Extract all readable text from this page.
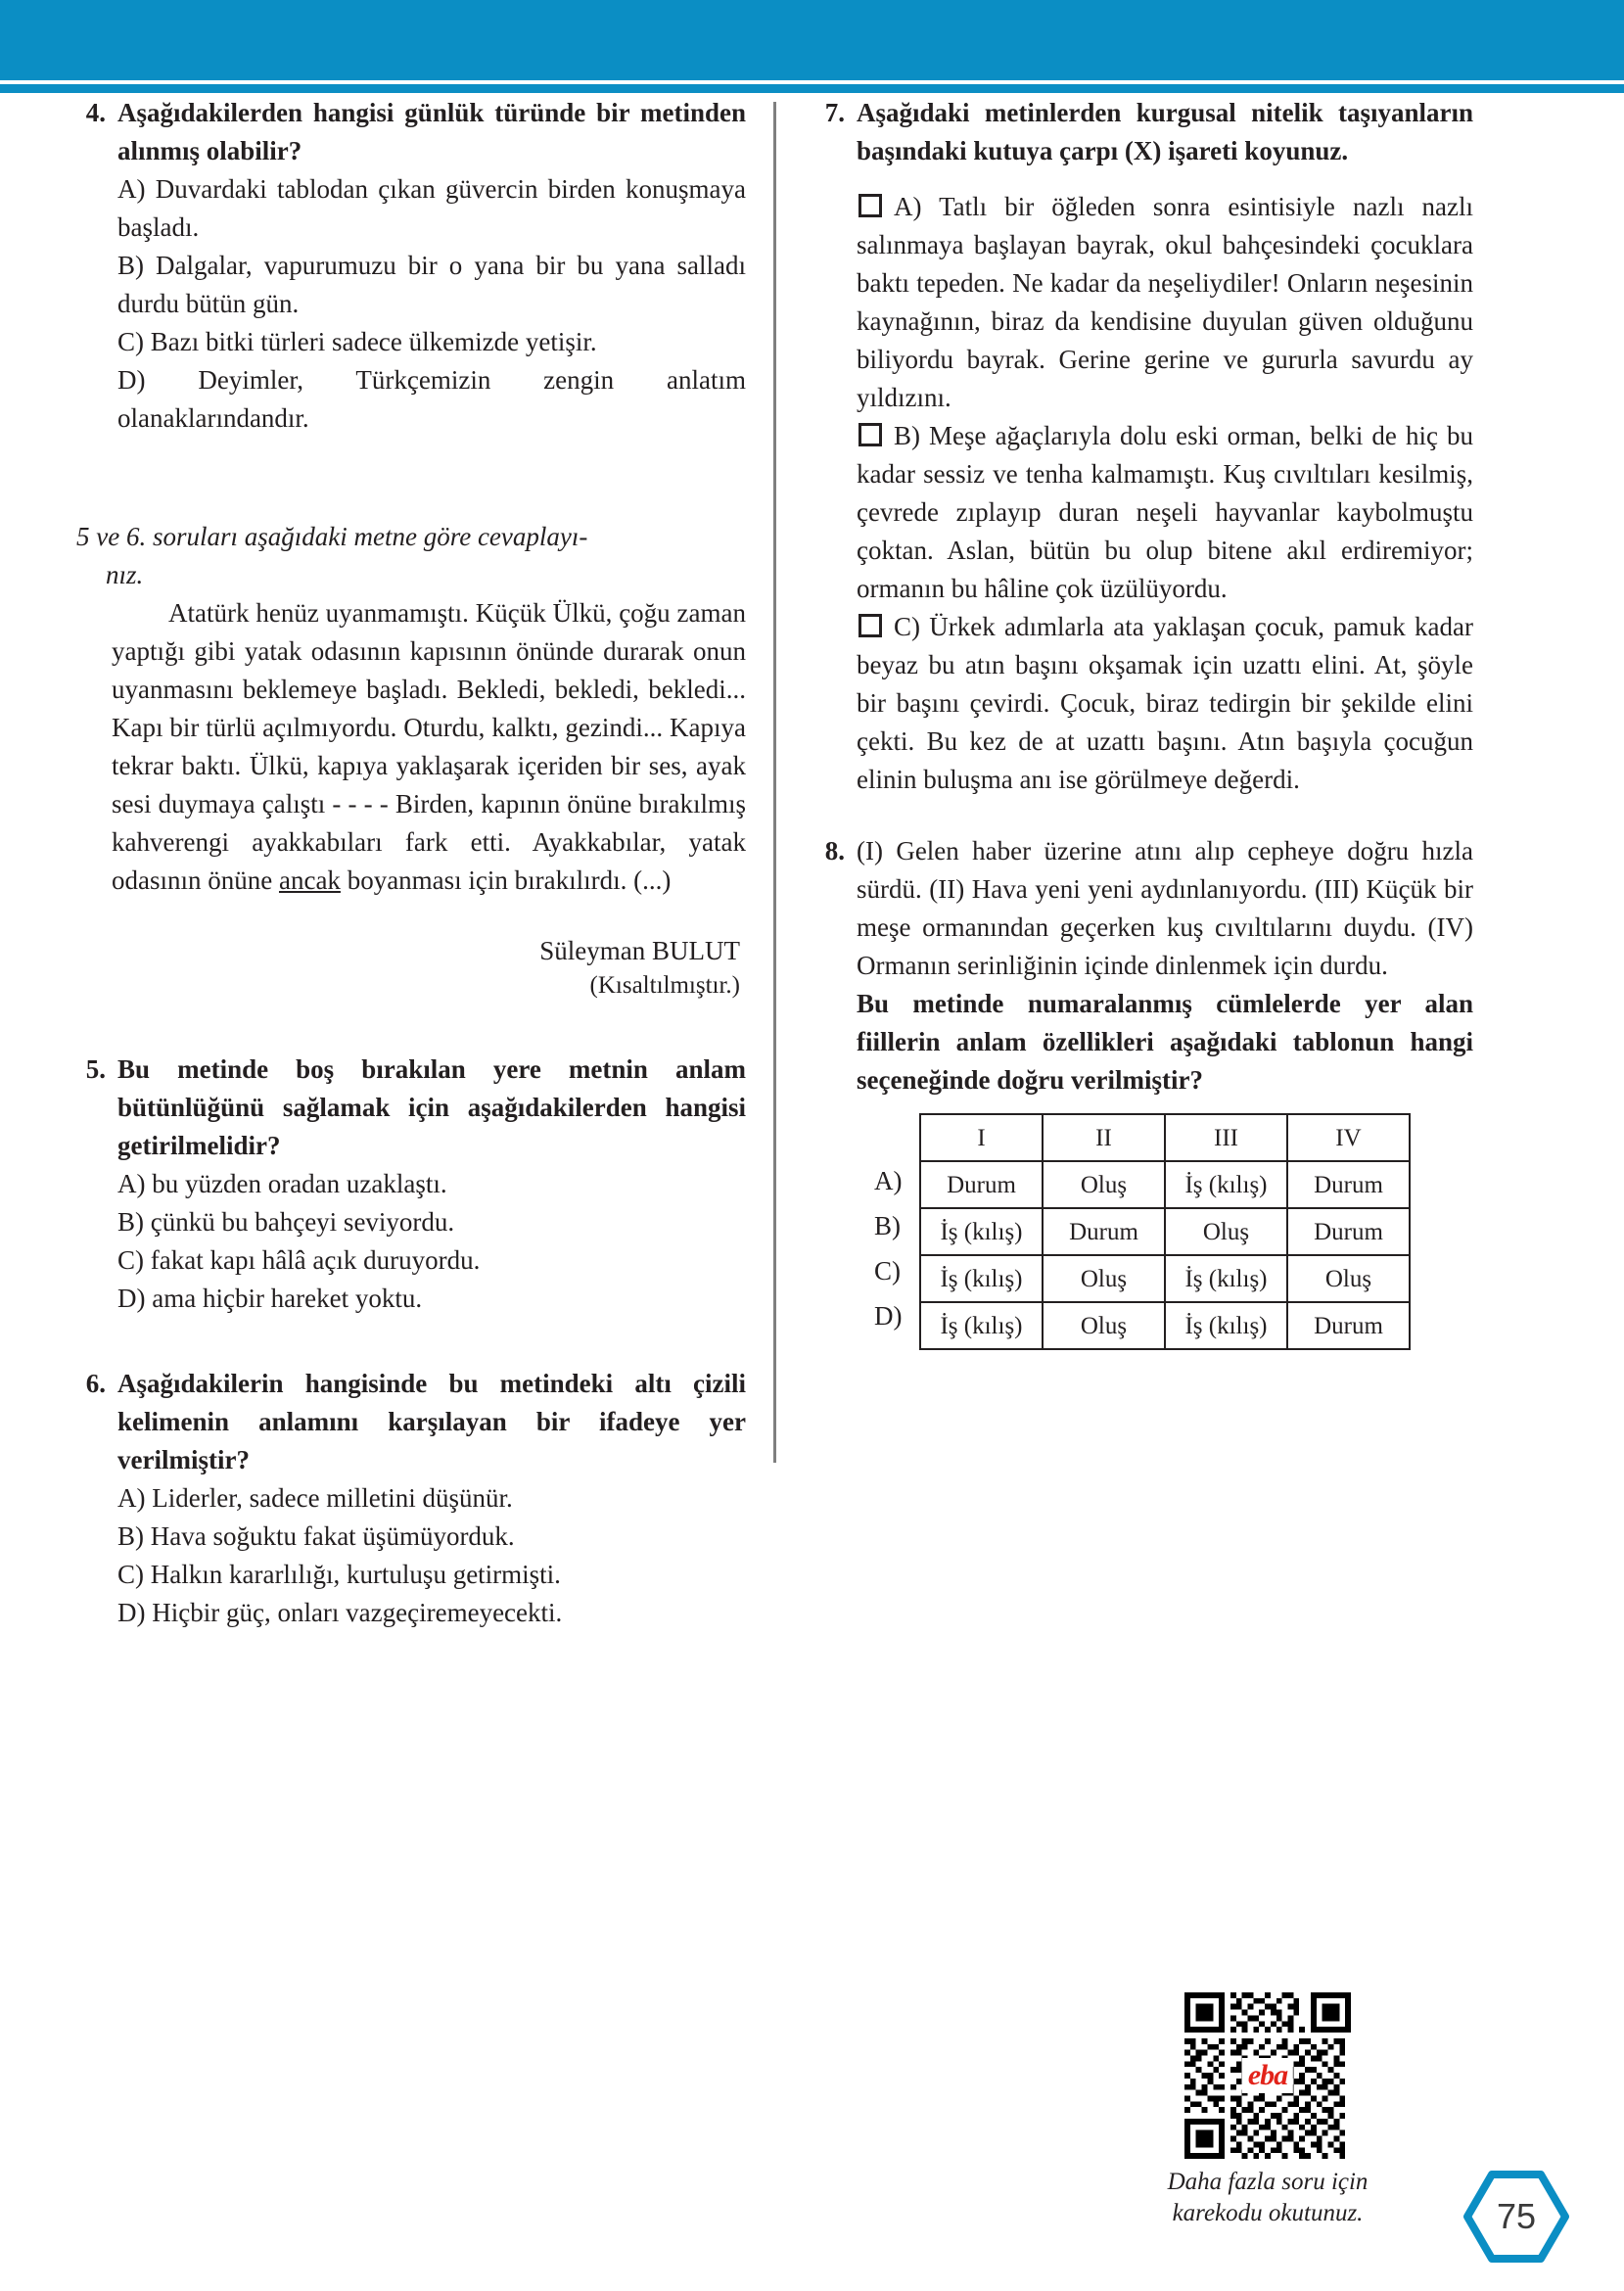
4. Aşağıdakilerden hangisi günlük türünde bir metinden alınmış olabilir?

A) Duvardaki tablodan çıkan güvercin birden konuşmaya başladı.

B) Dalgalar, vapurumuzu bir o yana bir bu yana salladı durdu bütün gün.

C) Bazı bitki türleri sadece ülkemizde yetişir.

D) Deyimler, Türkçemizin zengin anlatım olanaklarındandır.

5 ve 6. soruları aşağıdaki metne göre cevaplayı-
nız.

Atatürk henüz uyanmamıştı. Küçük Ülkü, çoğu zaman yaptığı gibi yatak odasının kapısının önünde durarak onun uyanmasını beklemeye başladı. Bekledi, bekledi, bekledi... Kapı bir türlü açılmıyordu. Oturdu, kalktı, gezindi... Kapıya tekrar baktı. Ülkü, kapıya yaklaşarak içeriden bir ses, ayak sesi duymaya çalıştı - - - - Birden, kapının önüne bırakılmış kahverengi ayakkabıları fark etti. Ayakkabılar, yatak odasının önüne ancak boyanması için bırakılırdı. (...)

Süleyman BULUT
(Kısaltılmıştır.)

5. Bu metinde boş bırakılan yere metnin anlam bütünlüğünü sağlamak için aşağıdakilerden hangisi getirilmelidir?

A) bu yüzden oradan uzaklaştı.

B) çünkü bu bahçeyi seviyordu.

C) fakat kapı hâlâ açık duruyordu.

D) ama hiçbir hareket yoktu.

6. Aşağıdakilerin hangisinde bu metindeki altı çizili kelimenin anlamını karşılayan bir ifadeye yer verilmiştir?

A) Liderler, sadece milletini düşünür.

B) Hava soğuktu fakat üşümüyorduk.

C) Halkın kararlılığı, kurtuluşu getirmişti.

D) Hiçbir güç, onları vazgeçiremeyecekti.

7. Aşağıdaki metinlerden kurgusal nitelik taşıyanların başındaki kutuya çarpı (X) işareti koyunuz.

A) Tatlı bir öğleden sonra esintisiyle nazlı nazlı salınmaya başlayan bayrak, okul bahçesindeki çocuklara baktı tepeden. Ne kadar da neşeliydiler! Onların neşesinin kaynağının, biraz da kendisine duyulan güven olduğunu biliyordu bayrak. Gerine gerine ve gururla savurdu ay yıldızını.

B) Meşe ağaçlarıyla dolu eski orman, belki de hiç bu kadar sessiz ve tenha kalmamıştı. Kuş cıvıltıları kesilmiş, çevrede zıplayıp duran neşeli hayvanlar kaybolmuştu çoktan. Aslan, bütün bu olup bitene akıl erdiremiyor; ormanın bu hâline çok üzülüyordu.

C) Ürkek adımlarla ata yaklaşan çocuk, pamuk kadar beyaz bu atın başını okşamak için uzattı elini. At, şöyle bir başını çevirdi. Çocuk, biraz tedirgin bir şekilde elini çekti. Bu kez de at uzattı başını. Atın başıyla çocuğun elinin buluşma anı ise görülmeye değerdi.

8. (I) Gelen haber üzerine atını alıp cepheye doğru hızla sürdü. (II) Hava yeni yeni aydınlanıyordu. (III) Küçük bir meşe ormanından geçerken kuş cıvıltılarını duydu. (IV) Ormanın serinliğinin içinde dinlenmek için durdu.

Bu metinde numaralanmış cümlelerde yer alan fiillerin anlam özellikleri aşağıdaki tablonun hangi seçeneğinde doğru verilmiştir?

A)
B)
C)
D)
I	II	III	IV
Durum	Oluş	İş (kılış)	Durum
İş (kılış)	Durum	Oluş	Durum
İş (kılış)	Oluş	İş (kılış)	Oluş
İş (kılış)	Oluş	İş (kılış)	Durum
eba
Daha fazla soru için
karekodu okutunuz.	75
